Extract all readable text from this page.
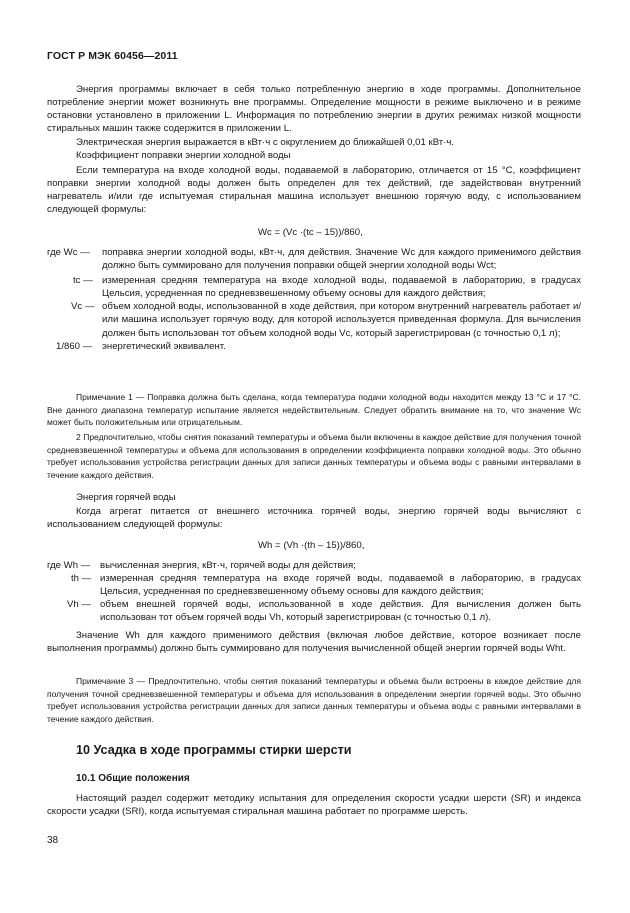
ГОСТ Р МЭК 60456—2011

Энергия программы включает в себя только потребленную энергию в ходе программы. Дополнительное потребление энергии может возникнуть вне программы. Определение мощности в режиме выключено и в режиме остановки установлено в приложении L. Информация по потреблению энергии в других режимах низкой мощности стиральных машин также содержится в приложении L.

Электрическая энергия выражается в кВт·ч с округлением до ближайшей 0,01 кВт·ч.

Коэффициент поправки энергии холодной воды

Если температура на входе холодной воды, подаваемой в лабораторию, отличается от 15 °С, коэффициент поправки энергии холодной воды должен быть определен для тех действий, где задействован внутренний нагреватель и/или где испытуемая стиральная машина использует внешнюю горячую воду, с использованием следующей формулы:

Wc = (Vc ·(tc – 15))/860,
где Wc — поправка энергии холодной воды, кВт·ч, для действия. Значение Wc для каждого применимого действия должно быть суммировано для получения поправки общей энергии холодной воды Wct;
tc — измеренная средняя температура на входе холодной воды, подаваемой в лабораторию, в градусах Цельсия, усредненная по средневзвешенному объему основы для каждого действия;
Vc — объем холодной воды, использованной в ходе действия, при котором внутренний нагреватель работает и/или машина использует горячую воду, для которой используется приведенная формула. Для вычисления должен быть использован тот объем холодной воды Vc, который зарегистрирован (с точностью 0,1 л);
1/860 — энергетический эквивалент.

Примечание 1 — Поправка должна быть сделана, когда температура подачи холодной воды находится между 13 °С и 17 °С. Вне данного диапазона температур испытание является недействительным. Следует обратить внимание на то, что значение Wc может быть положительным или отрицательным.

2 Предпочтительно, чтобы снятия показаний температуры и объема были включены в каждое действие для получения точной средневзвешенной температуры и объема для использования в определении коэффициента поправки холодной воды. Это обычно требует использования устройства регистрации данных для записи данных температуры и объема воды с равными интервалами в течение каждого действия.

Энергия горячей воды

Когда агрегат питается от внешнего источника горячей воды, энергию горячей воды вычисляют с использованием следующей формулы:

Wh = (Vh ·(th – 15))/860,
где Wh — вычисленная энергия, кВт·ч, горячей воды для действия;
th — измеренная средняя температура на входе горячей воды, подаваемой в лабораторию, в градусах Цельсия, усредненная по средневзвешенному объему основы для каждого действия;
Vh — объем внешней горячей воды, использованной в ходе действия. Для вычисления должен быть использован тот объем горячей воды Vh, который зарегистрирован (с точностью 0,1 л).

Значение Wh для каждого применимого действия (включая любое действие, которое возникает после выполнения программы) должно быть суммировано для получения вычисленной общей энергии горячей воды Wht.

Примечание 3 — Предпочтительно, чтобы снятия показаний температуры и объема были встроены в каждое действие для получения точной средневзвешенной температуры и объема для использования в определении энергии горячей воды. Это обычно требует использования устройства регистрации данных для записи данных температуры и объема воды с равными интервалами в течение каждого действия.

10 Усадка в ходе программы стирки шерсти
10.1 Общие положения

Настоящий раздел содержит методику испытания для определения скорости усадки шерсти (SR) и индекса скорости усадки (SRI), когда испытуемая стиральная машина работает по программе шерсть.

38
